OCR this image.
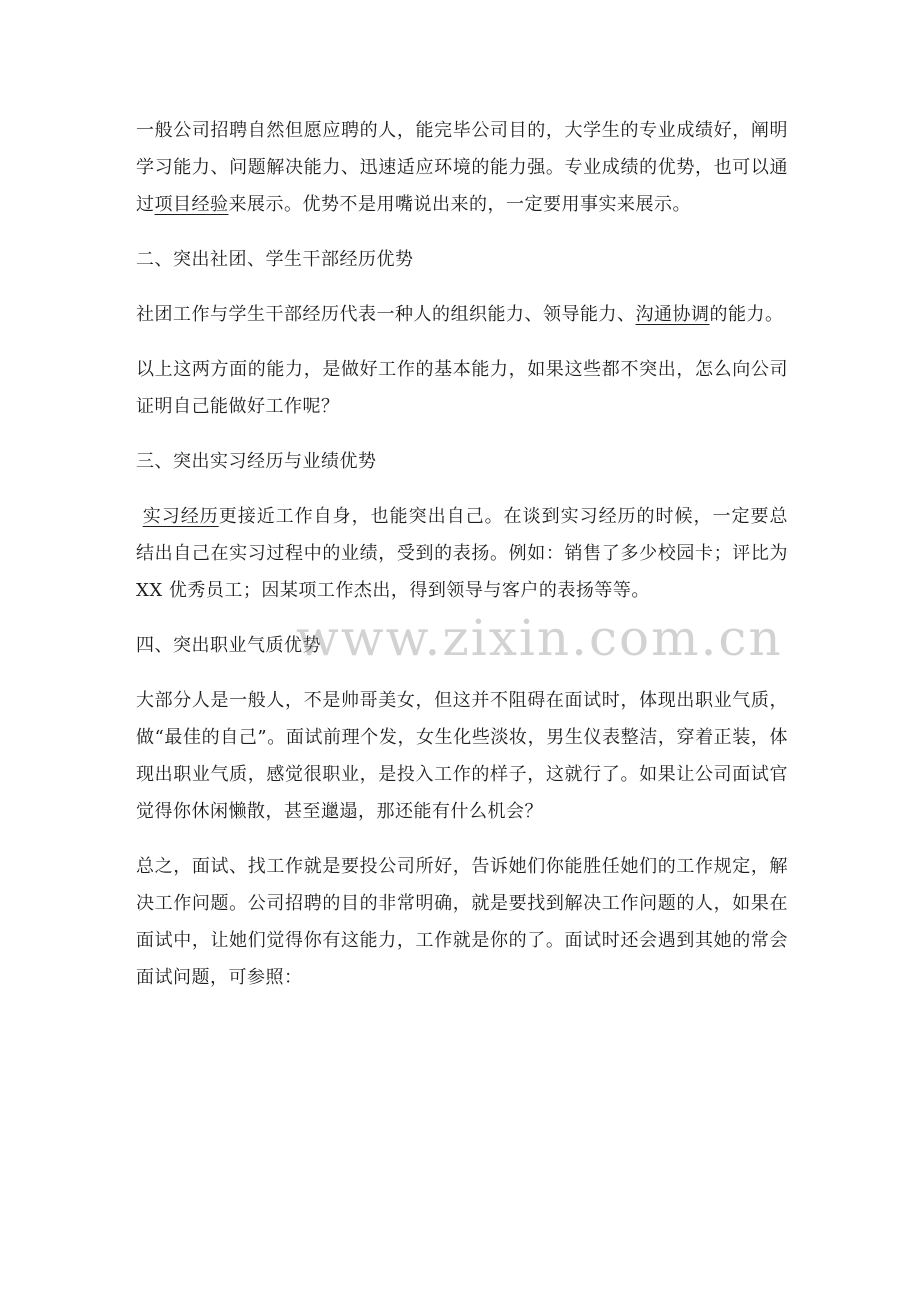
www.zixin.com.cn

一般公司招聘自然但愿应聘的人，能完毕公司目的，大学生的专业成绩好，阐明学习能力、问题解决能力、迅速适应环境的能力强。专业成绩的优势，也可以通过项目经验来展示。优势不是用嘴说出来的，一定要用事实来展示。

二、突出社团、学生干部经历优势

社团工作与学生干部经历代表一种人的组织能力、领导能力、沟通协调的能力。

以上这两方面的能力，是做好工作的基本能力，如果这些都不突出，怎么向公司证明自己能做好工作呢？

三、突出实习经历与业绩优势

实习经历更接近工作自身，也能突出自己。在谈到实习经历的时候，一定要总结出自己在实习过程中的业绩，受到的表扬。例如：销售了多少校园卡；评比为 XX 优秀员工；因某项工作杰出，得到领导与客户的表扬等等。

四、突出职业气质优势

大部分人是一般人，不是帅哥美女，但这并不阻碍在面试时，体现出职业气质，做“最佳的自己”。面试前理个发，女生化些淡妆，男生仪表整洁，穿着正装，体现出职业气质，感觉很职业，是投入工作的样子，这就行了。如果让公司面试官觉得你休闲懒散，甚至邋遢，那还能有什么机会？

总之，面试、找工作就是要投公司所好，告诉她们你能胜任她们的工作规定，解决工作问题。公司招聘的目的非常明确，就是要找到解决工作问题的人，如果在面试中，让她们觉得你有这能力，工作就是你的了。面试时还会遇到其她的常会面试问题，可参照：
